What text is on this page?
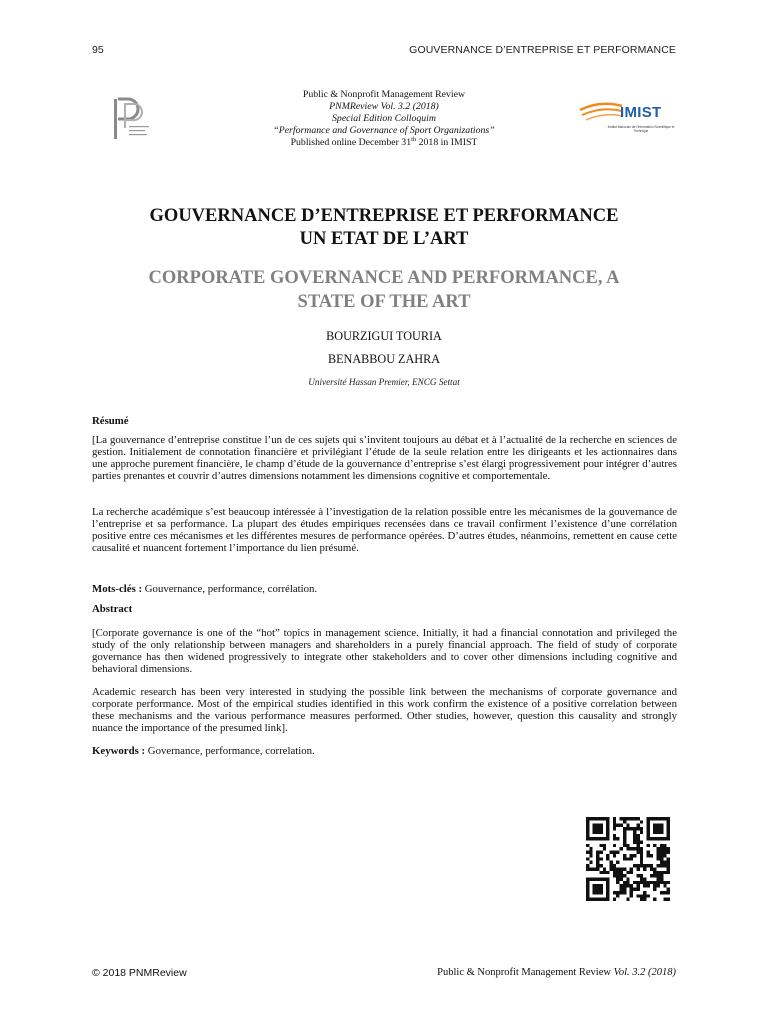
95	GOUVERNANCE D’ENTREPRISE ET PERFORMANCE
IMIST
Institut Marocain de l'Information Scientifique et Technique
Public & Nonprofit Management Review
PNMReview Vol. 3.2 (2018)
Special Edition Colloquim
“Performance and Governance of Sport Organizations”
Published online December 31th 2018 in IMIST
GOUVERNANCE D’ENTREPRISE ET PERFORMANCE
UN ETAT DE L’ART
CORPORATE GOVERNANCE AND PERFORMANCE, A
STATE OF THE ART
BOURZIGUI TOURIA
BENABBOU ZAHRA
Université Hassan Premier, ENCG Settat
Résumé
[La gouvernance d’entreprise constitue l’un de ces sujets qui s’invitent toujours au débat et à l’actualité de la recherche en sciences de gestion. Initialement de connotation financière et privilégiant l’étude de la seule relation entre les dirigeants et les actionnaires dans une approche purement financière, le champ d’étude de la gouvernance d’entreprise s’est élargi progressivement pour intégrer d’autres parties prenantes et couvrir d’autres dimensions notamment les dimensions cognitive et comportementale.
La recherche académique s’est beaucoup intéressée à l’investigation de la relation possible entre les mécanismes de la gouvernance de l’entreprise et sa performance. La plupart des études empiriques recensées dans ce travail confirment l’existence d’une corrélation positive entre ces mécanismes et les différentes mesures de performance opérées. D’autres études, néanmoins, remettent en cause cette causalité et nuancent fortement l’importance du lien présumé.
Mots-clés : Gouvernance, performance, corrélation.
Abstract
[Corporate governance is one of the “hot” topics in management science. Initially, it had a financial connotation and privileged the study of the only relationship between managers and shareholders in a purely financial approach. The field of study of corporate governance has then widened progressively to integrate other stakeholders and to cover other dimensions including cognitive and behavioral dimensions.
Academic research has been very interested in studying the possible link between the mechanisms of corporate governance and corporate performance. Most of the empirical studies identified in this work confirm the existence of a positive correlation between these mechanisms and the various performance measures performed. Other studies, however, question this causality and strongly nuance the importance of the presumed link].
Keywords : Governance, performance, correlation.
© 2018 PNMReview	Public & Nonprofit Management Review Vol. 3.2 (2018)
